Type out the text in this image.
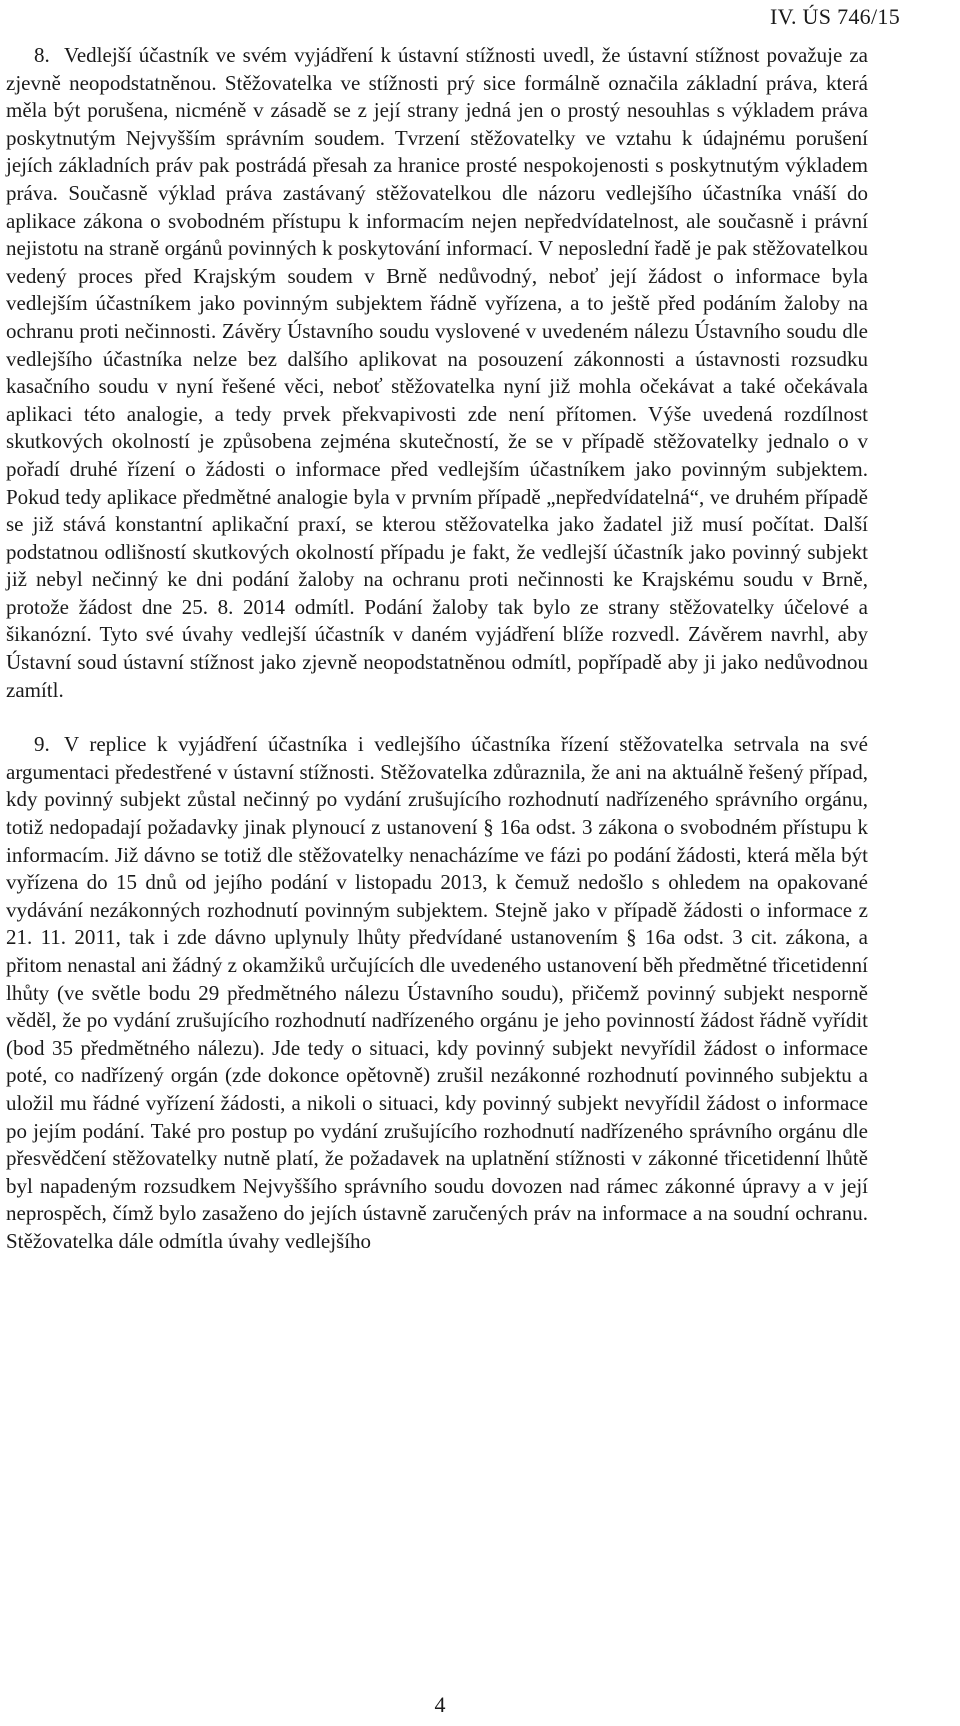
IV. ÚS 746/15

8. Vedlejší účastník ve svém vyjádření k ústavní stížnosti uvedl, že ústavní stížnost považuje za zjevně neopodstatněnou. Stěžovatelka ve stížnosti prý sice formálně označila základní práva, která měla být porušena, nicméně v zásadě se z její strany jedná jen o prostý nesouhlas s výkladem práva poskytnutým Nejvyšším správním soudem. Tvrzení stěžovatelky ve vztahu k údajnému porušení jejích základních práv pak postrádá přesah za hranice prosté nespokojenosti s poskytnutým výkladem práva. Současně výklad práva zastávaný stěžovatelkou dle názoru vedlejšího účastníka vnáší do aplikace zákona o svobodném přístupu k informacím nejen nepředvídatelnost, ale současně i právní nejistotu na straně orgánů povinných k poskytování informací. V neposlední řadě je pak stěžovatelkou vedený proces před Krajským soudem v Brně nedůvodný, neboť její žádost o informace byla vedlejším účastníkem jako povinným subjektem řádně vyřízena, a to ještě před podáním žaloby na ochranu proti nečinnosti. Závěry Ústavního soudu vyslovené v uvedeném nálezu Ústavního soudu dle vedlejšího účastníka nelze bez dalšího aplikovat na posouzení zákonnosti a ústavnosti rozsudku kasačního soudu v nyní řešené věci, neboť stěžovatelka nyní již mohla očekávat a také očekávala aplikaci této analogie, a tedy prvek překvapivosti zde není přítomen. Výše uvedená rozdílnost skutkových okolností je způsobena zejména skutečností, že se v případě stěžovatelky jednalo o v pořadí druhé řízení o žádosti o informace před vedlejším účastníkem jako povinným subjektem. Pokud tedy aplikace předmětné analogie byla v prvním případě „nepředvídatelná“, ve druhém případě se již stává konstantní aplikační praxí, se kterou stěžovatelka jako žadatel již musí počítat. Další podstatnou odlišností skutkových okolností případu je fakt, že vedlejší účastník jako povinný subjekt již nebyl nečinný ke dni podání žaloby na ochranu proti nečinnosti ke Krajskému soudu v Brně, protože žádost dne 25. 8. 2014 odmítl. Podání žaloby tak bylo ze strany stěžovatelky účelové a šikanózní. Tyto své úvahy vedlejší účastník v daném vyjádření blíže rozvedl. Závěrem navrhl, aby Ústavní soud ústavní stížnost jako zjevně neopodstatněnou odmítl, popřípadě aby ji jako nedůvodnou zamítl.

9. V replice k vyjádření účastníka i vedlejšího účastníka řízení stěžovatelka setrvala na své argumentaci předestřené v ústavní stížnosti. Stěžovatelka zdůraznila, že ani na aktuálně řešený případ, kdy povinný subjekt zůstal nečinný po vydání zrušujícího rozhodnutí nadřízeného správního orgánu, totiž nedopadají požadavky jinak plynoucí z ustanovení § 16a odst. 3 zákona o svobodném přístupu k informacím. Již dávno se totiž dle stěžovatelky nenacházíme ve fázi po podání žádosti, která měla být vyřízena do 15 dnů od jejího podání v listopadu 2013, k čemuž nedošlo s ohledem na opakované vydávání nezákonných rozhodnutí povinným subjektem. Stejně jako v případě žádosti o informace z 21. 11. 2011, tak i zde dávno uplynuly lhůty předvídané ustanovením § 16a odst. 3 cit. zákona, a přitom nenastal ani žádný z okamžiků určujících dle uvedeného ustanovení běh předmětné třicetidenní lhůty (ve světle bodu 29 předmětného nálezu Ústavního soudu), přičemž povinný subjekt nesporně věděl, že po vydání zrušujícího rozhodnutí nadřízeného orgánu je jeho povinností žádost řádně vyřídit (bod 35 předmětného nálezu). Jde tedy o situaci, kdy povinný subjekt nevyřídil žádost o informace poté, co nadřízený orgán (zde dokonce opětovně) zrušil nezákonné rozhodnutí povinného subjektu a uložil mu řádné vyřízení žádosti, a nikoli o situaci, kdy povinný subjekt nevyřídil žádost o informace po jejím podání. Také pro postup po vydání zrušujícího rozhodnutí nadřízeného správního orgánu dle přesvědčení stěžovatelky nutně platí, že požadavek na uplatnění stížnosti v zákonné třicetidenní lhůtě byl napadeným rozsudkem Nejvyššího správního soudu dovozen nad rámec zákonné úpravy a v její neprospěch, čímž bylo zasaženo do jejích ústavně zaručených práv na informace a na soudní ochranu. Stěžovatelka dále odmítla úvahy vedlejšího

4
